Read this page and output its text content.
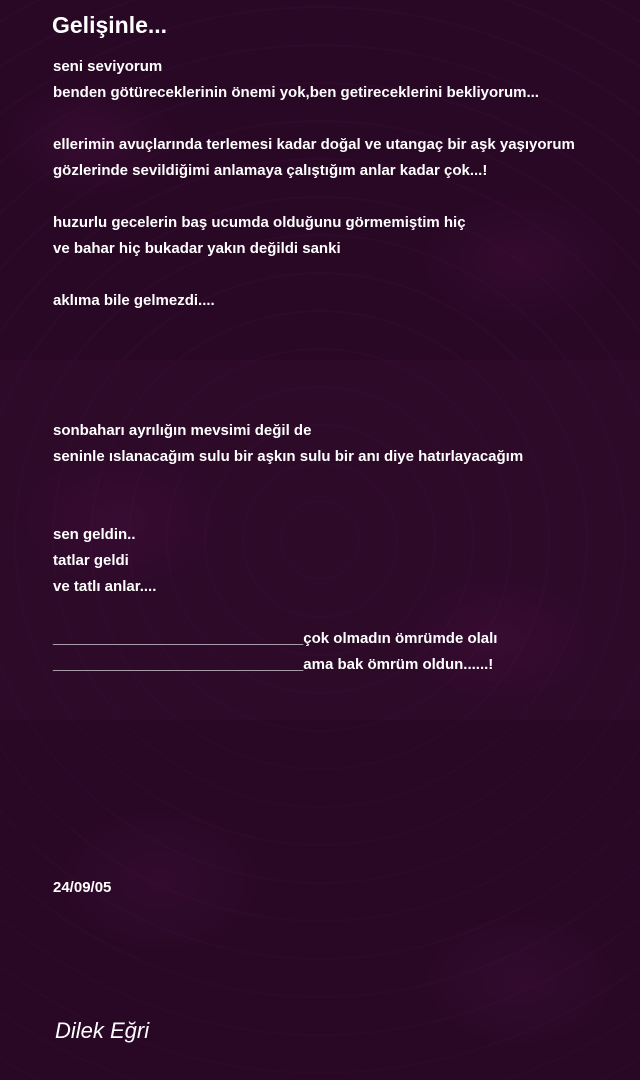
Gelişinle...
seni seviyorum
benden götüreceklerinin önemi yok,ben getireceklerini bekliyorum...
ellerimin avuçlarında terlemesi kadar doğal ve utangaç bir aşk yaşıyorum
gözlerinde sevildiğimi anlamaya çalıştığım anlar kadar çok...!
huzurlu gecelerin baş ucumda olduğunu görmemiştim hiç
ve bahar hiç bukadar yakın değildi sanki
aklıma bile gelmezdi....
sonbaharı ayrılığın mevsimi değil de
seninle ıslanacağım sulu bir aşkın sulu bir anı diye hatırlayacağım
sen geldin..
tatlar geldi
ve tatlı anlar....
______________________________çok olmadın ömrümde olalı
______________________________ama bak ömrüm oldun......!
24/09/05
Dilek Eğri
